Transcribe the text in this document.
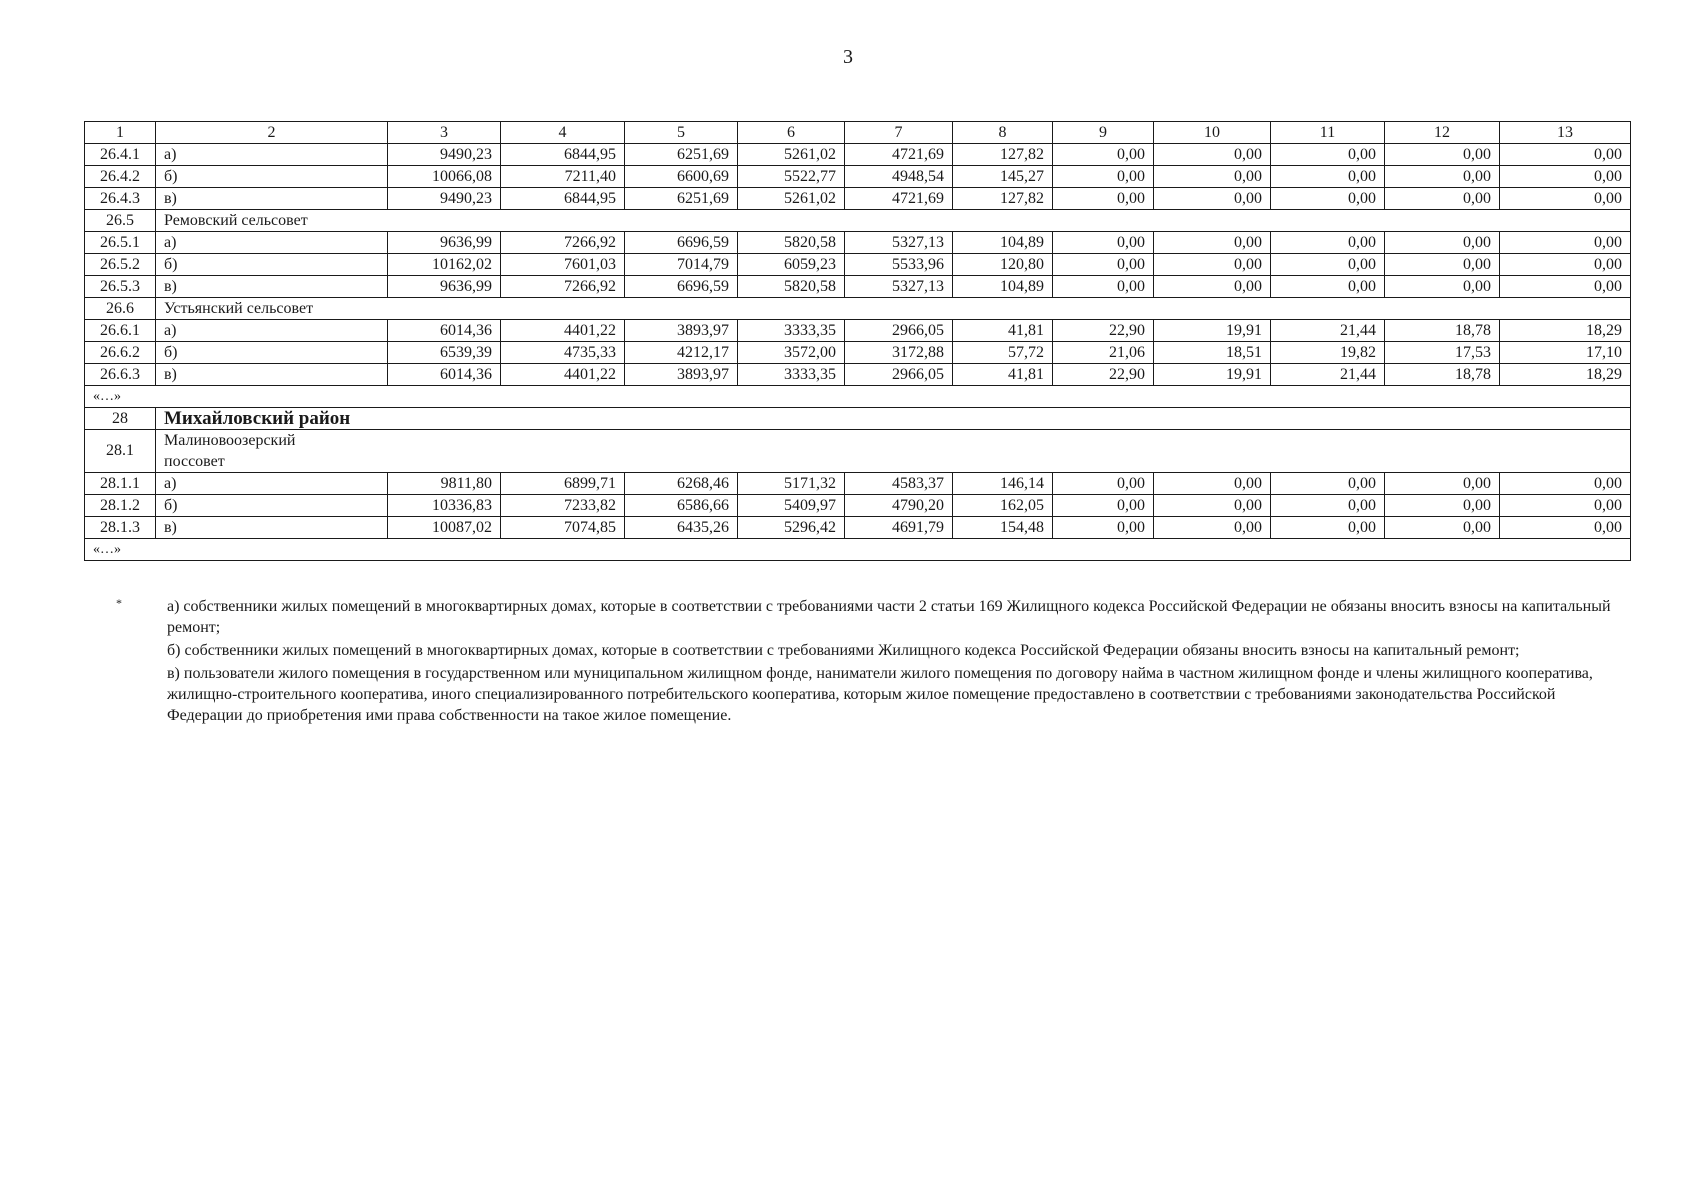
3
1	2	3	4	5	6	7	8	9	10	11	12	13
26.4.1	а)	9490,23	6844,95	6251,69	5261,02	4721,69	127,82	0,00	0,00	0,00	0,00	0,00
26.4.2	б)	10066,08	7211,40	6600,69	5522,77	4948,54	145,27	0,00	0,00	0,00	0,00	0,00
26.4.3	в)	9490,23	6844,95	6251,69	5261,02	4721,69	127,82	0,00	0,00	0,00	0,00	0,00
26.5	Ремовский сельсовет											
26.5.1	а)	9636,99	7266,92	6696,59	5820,58	5327,13	104,89	0,00	0,00	0,00	0,00	0,00
26.5.2	б)	10162,02	7601,03	7014,79	6059,23	5533,96	120,80	0,00	0,00	0,00	0,00	0,00
26.5.3	в)	9636,99	7266,92	6696,59	5820,58	5327,13	104,89	0,00	0,00	0,00	0,00	0,00
26.6	Устьянский сельсовет											
26.6.1	а)	6014,36	4401,22	3893,97	3333,35	2966,05	41,81	22,90	19,91	21,44	18,78	18,29
26.6.2	б)	6539,39	4735,33	4212,17	3572,00	3172,88	57,72	21,06	18,51	19,82	17,53	17,10
26.6.3	в)	6014,36	4401,22	3893,97	3333,35	2966,05	41,81	22,90	19,91	21,44	18,78	18,29
«…»												
28	Михайловский район											
28.1	Малиновоозерский
поссовет											
28.1.1	а)	9811,80	6899,71	6268,46	5171,32	4583,37	146,14	0,00	0,00	0,00	0,00	0,00
28.1.2	б)	10336,83	7233,82	6586,66	5409,97	4790,20	162,05	0,00	0,00	0,00	0,00	0,00
28.1.3	в)	10087,02	7074,85	6435,26	5296,42	4691,79	154,48	0,00	0,00	0,00	0,00	0,00
«…»												
*	а) собственники жилых помещений в многоквартирных домах, которые в соответствии с требованиями части 2 статьи 169 Жилищного кодекса Российской Федерации не обязаны вносить взносы на капитальный ремонт;

б) собственники жилых помещений в многоквартирных домах, которые в соответствии с требованиями Жилищного кодекса Российской Федерации обязаны вносить взносы на капитальный ремонт;

в) пользователи жилого помещения в государственном или муниципальном жилищном фонде, наниматели жилого помещения по договору найма в частном жилищном фонде и члены жилищного кооператива, жилищно-строительного кооператива, иного специализированного потребительского кооператива, которым жилое помещение предоставлено в соответствии с требованиями законодательства Российской Федерации до приобретения ими права собственности на такое жилое помещение.
